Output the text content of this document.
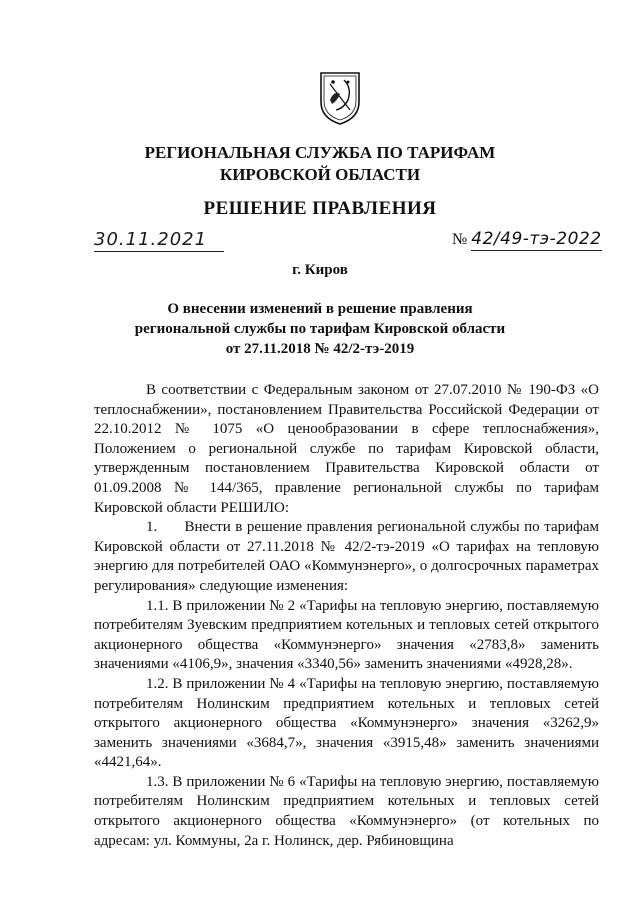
РЕГИОНАЛЬНАЯ СЛУЖБА ПО ТАРИФАМ
КИРОВСКОЙ ОБЛАСТИ
РЕШЕНИЕ ПРАВЛЕНИЯ
30.11.2021	№ 42/49-тэ-2022
г. Киров
О внесении изменений в решение правления
региональной службы по тарифам Кировской области
от 27.11.2018 № 42/2-тэ-2019

В соответствии с Федеральным законом от 27.07.2010 № 190-ФЗ «О теплоснабжении», постановлением Правительства Российской Федерации от 22.10.2012 № 1075 «О ценообразовании в сфере теплоснабжения», Положением о региональной службе по тарифам Кировской области, утвержденным постановлением Правительства Кировской области от 01.09.2008 № 144/365, правление региональной службы по тарифам Кировской области РЕШИЛО:

1.      Внести в решение правления региональной службы по тарифам Кировской области от 27.11.2018 № 42/2-тэ-2019 «О тарифах на тепловую энергию для потребителей ОАО «Коммунэнерго», о долгосрочных параметрах регулирования» следующие изменения:

1.1. В приложении № 2 «Тарифы на тепловую энергию, поставляемую потребителям Зуевским предприятием котельных и тепловых сетей открытого акционерного общества «Коммунэнерго» значения «2783,8» заменить значениями «4106,9», значения «3340,56» заменить значениями «4928,28».

1.2. В приложении № 4 «Тарифы на тепловую энергию, поставляемую потребителям Нолинским предприятием котельных и тепловых сетей открытого акционерного общества «Коммунэнерго» значения «3262,9» заменить значениями «3684,7», значения «3915,48» заменить значениями «4421,64».

1.3. В приложении № 6 «Тарифы на тепловую энергию, поставляемую потребителям Нолинским предприятием котельных и тепловых сетей открытого акционерного общества «Коммунэнерго» (от котельных по адресам: ул. Коммуны, 2а г. Нолинск, дер. Рябиновщина
